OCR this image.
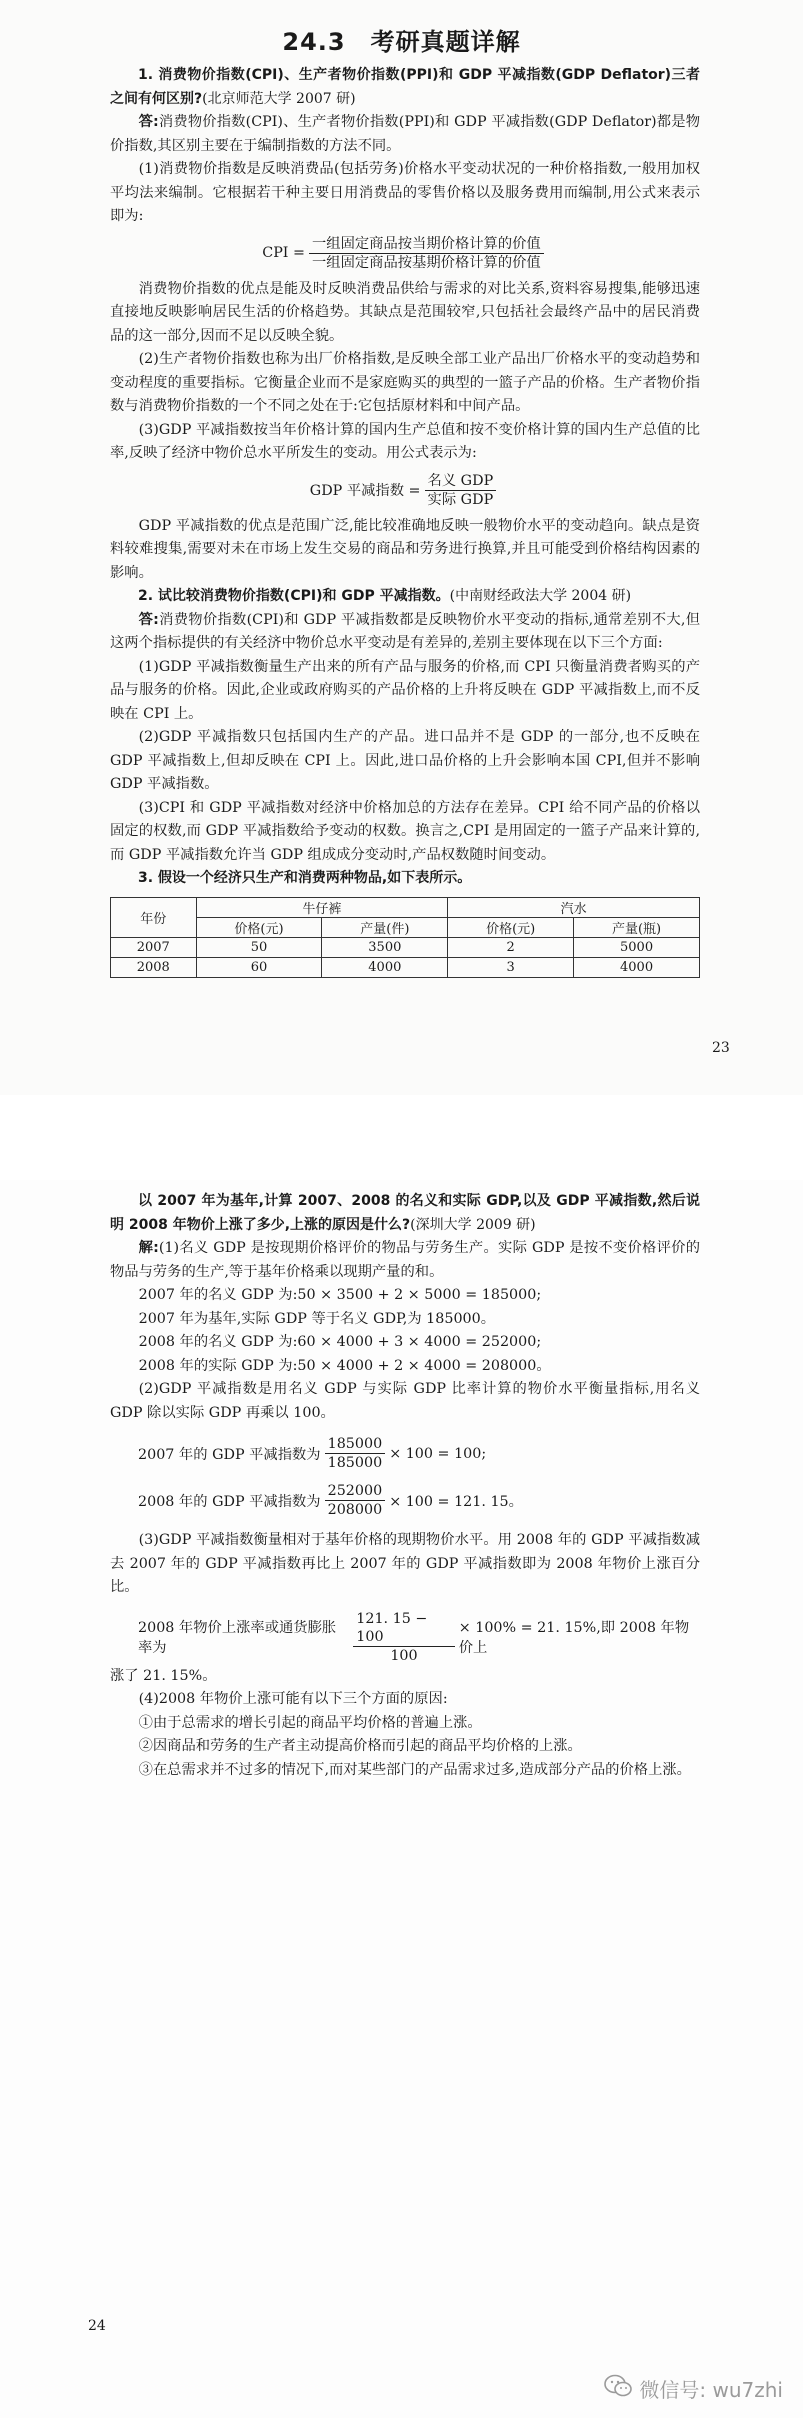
24.3　考研真题详解

1. 消费物价指数(CPI)、生产者物价指数(PPI)和 GDP 平减指数(GDP Deflator)三者之间有何区别?(北京师范大学 2007 研)

答:消费物价指数(CPI)、生产者物价指数(PPI)和 GDP 平减指数(GDP Deflator)都是物价指数,其区别主要在于编制指数的方法不同。

(1)消费物价指数是反映消费品(包括劳务)价格水平变动状况的一种价格指数,一般用加权平均法来编制。它根据若干种主要日用消费品的零售价格以及服务费用而编制,用公式来表示即为:

CPI = $\frac{\text{一组固定商品按当期价格计算的价值}}{\text{一组固定商品按基期价格计算的价值}}$

消费物价指数的优点是能及时反映消费品供给与需求的对比关系,资料容易搜集,能够迅速直接地反映影响居民生活的价格趋势。其缺点是范围较窄,只包括社会最终产品中的居民消费品的这一部分,因而不足以反映全貌。

(2)生产者物价指数也称为出厂价格指数,是反映全部工业产品出厂价格水平的变动趋势和变动程度的重要指标。它衡量企业而不是家庭购买的典型的一篮子产品的价格。生产者物价指数与消费物价指数的一个不同之处在于:它包括原材料和中间产品。

(3)GDP 平减指数按当年价格计算的国内生产总值和按不变价格计算的国内生产总值的比率,反映了经济中物价总水平所发生的变动。用公式表示为:

GDP 平减指数 = $\frac{\text{名义 GDP}}{\text{实际 GDP}}$

GDP 平减指数的优点是范围广泛,能比较准确地反映一般物价水平的变动趋向。缺点是资料较难搜集,需要对未在市场上发生交易的商品和劳务进行换算,并且可能受到价格结构因素的影响。

2. 试比较消费物价指数(CPI)和 GDP 平减指数。(中南财经政法大学 2004 研)

答:消费物价指数(CPI)和 GDP 平减指数都是反映物价水平变动的指标,通常差别不大,但这两个指标提供的有关经济中物价总水平变动是有差异的,差别主要体现在以下三个方面:

(1)GDP 平减指数衡量生产出来的所有产品与服务的价格,而 CPI 只衡量消费者购买的产品与服务的价格。因此,企业或政府购买的产品价格的上升将反映在 GDP 平减指数上,而不反映在 CPI 上。

(2)GDP 平减指数只包括国内生产的产品。进口品并不是 GDP 的一部分,也不反映在 GDP 平减指数上,但却反映在 CPI 上。因此,进口品价格的上升会影响本国 CPI,但并不影响 GDP 平减指数。

(3)CPI 和 GDP 平减指数对经济中价格加总的方法存在差异。CPI 给不同产品的价格以固定的权数,而 GDP 平减指数给予变动的权数。换言之,CPI 是用固定的一篮子产品来计算的,而 GDP 平减指数允许当 GDP 组成成分变动时,产品权数随时间变动。

3. 假设一个经济只生产和消费两种物品,如下表所示。

年份	牛仔裤		汽水	
	价格(元)	产量(件)	价格(元)	产量(瓶)
2007	50	3500	2	5000
2008	60	4000	3	4000
23

以 2007 年为基年,计算 2007、2008 的名义和实际 GDP,以及 GDP 平减指数,然后说明 2008 年物价上涨了多少,上涨的原因是什么?(深圳大学 2009 研)

解:(1)名义 GDP 是按现期价格评价的物品与劳务生产。实际 GDP 是按不变价格评价的物品与劳务的生产,等于基年价格乘以现期产量的和。

2007 年的名义 GDP 为:50 × 3500 + 2 × 5000 = 185000;

2007 年为基年,实际 GDP 等于名义 GDP,为 185000。

2008 年的名义 GDP 为:60 × 4000 + 3 × 4000 = 252000;

2008 年的实际 GDP 为:50 × 4000 + 2 × 4000 = 208000。

(2)GDP 平减指数是用名义 GDP 与实际 GDP 比率计算的物价水平衡量指标,用名义 GDP 除以实际 GDP 再乘以 100。

2007 年的 GDP 平减指数为 $\frac{185000}{185000} \times 100 = 100$;
2008 年的 GDP 平减指数为 $\frac{252000}{208000} \times 100 = 121$. 15。

(3)GDP 平减指数衡量相对于基年价格的现期物价水平。用 2008 年的 GDP 平减指数减去 2007 年的 GDP 平减指数再比上 2007 年的 GDP 平减指数即为 2008 年物价上涨百分比。

2008 年物价上涨率或通货膨胀率为	$\frac{121. 15 - 100}{100} \times 100\% = 21$. 15%,即 2008 年物价上

涨了 21. 15%。

(4)2008 年物价上涨可能有以下三个方面的原因:

①由于总需求的增长引起的商品平均价格的普遍上涨。

②因商品和劳务的生产者主动提高价格而引起的商品平均价格的上涨。

③在总需求并不过多的情况下,而对某些部门的产品需求过多,造成部分产品的价格上涨。

24
微信号: wu7zhi
